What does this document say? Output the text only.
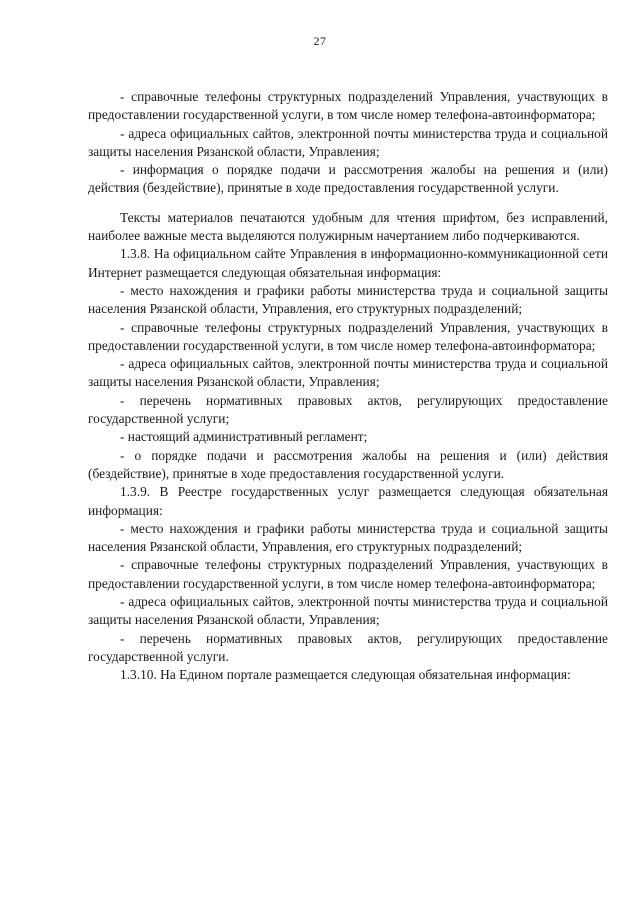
27

- справочные телефоны структурных подразделений Управления, участвующих в предоставлении государственной услуги, в том числе номер телефона-автоинформатора;

- адреса официальных сайтов, электронной почты министерства труда и социальной защиты населения Рязанской области, Управления;

- информация о порядке подачи и рассмотрения жалобы на решения и (или) действия (бездействие), принятые в ходе предоставления государственной услуги.

Тексты материалов печатаются удобным для чтения шрифтом, без исправлений, наиболее важные места выделяются полужирным начертанием либо подчеркиваются.

1.3.8. На официальном сайте Управления в информационно-коммуникационной сети Интернет размещается следующая обязательная информация:

- место нахождения и графики работы министерства труда и социальной защиты населения Рязанской области, Управления, его структурных подразделений;

- справочные телефоны структурных подразделений Управления, участвующих в предоставлении государственной услуги, в том числе номер телефона-автоинформатора;

- адреса официальных сайтов, электронной почты министерства труда и социальной защиты населения Рязанской области, Управления;

- перечень нормативных правовых актов, регулирующих предоставление государственной услуги;

- настоящий административный регламент;

- о порядке подачи и рассмотрения жалобы на решения и (или) действия (бездействие), принятые в ходе предоставления государственной услуги.

1.3.9. В Реестре государственных услуг размещается следующая обязательная информация:

- место нахождения и графики работы министерства труда и социальной защиты населения Рязанской области, Управления, его структурных подразделений;

- справочные телефоны структурных подразделений Управления, участвующих в предоставлении государственной услуги, в том числе номер телефона-автоинформатора;

- адреса официальных сайтов, электронной почты министерства труда и социальной защиты населения Рязанской области, Управления;

- перечень нормативных правовых актов, регулирующих предоставление государственной услуги.

1.3.10. На Едином портале размещается следующая обязательная информация:
